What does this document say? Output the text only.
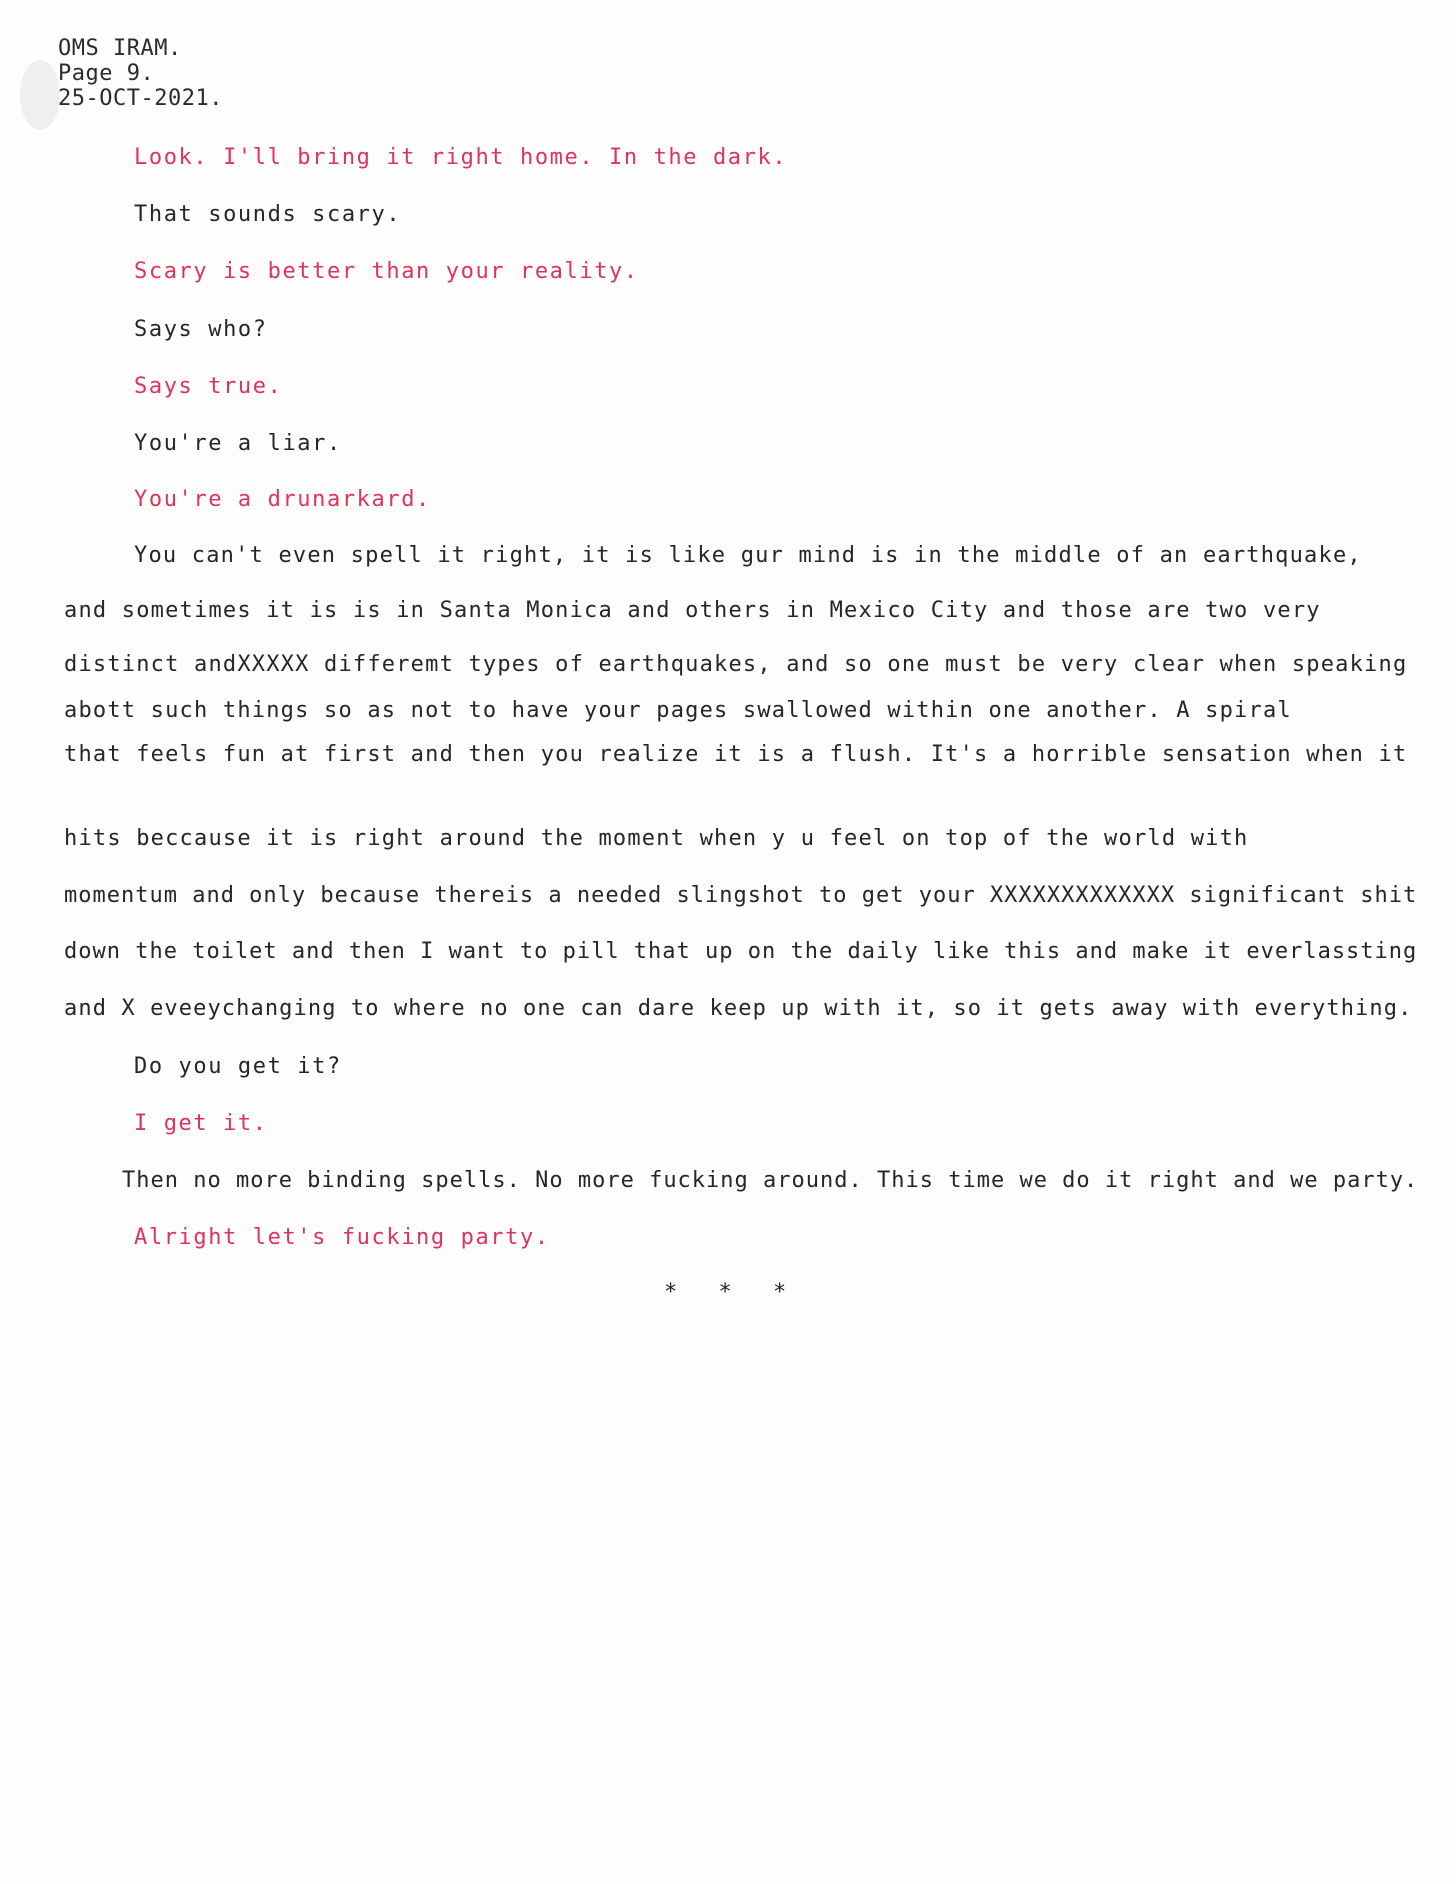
OMS IRAM.
Page 9.
25-OCT-2021.
Look. I'll bring it right home. In the dark.
That sounds scary.
Scary is better than your reality.
Says who?
Says true.
You're a liar.
You're a drunarkard.
You can't even spell it right, it is like gur mind is in the middle of an earthquake,
and sometimes it is is in Santa Monica and others in Mexico City and those are two very
distinct andXXXXX differemt types of earthquakes, and so one must be very clear when speaking
abott such things so as not to have your pages swallowed within one another. A spiral
that feels fun at first and then you realize it is a flush. It's a horrible sensation when it
hits beccause it is right around the moment when y u feel on top of the world with
momentum and only because thereis a needed slingshot to get your XXXXXXXXXXXXX significant shit
down the toilet and then I want to pill that up on the daily like this and make it everlassting
and X eveeychanging to where no one can dare keep up with it, so it gets away with everything.
Do you get it?
I get it.
Then no more binding spells. No more fucking around. This time we do it right and we party.
Alright let's fucking party.
* * *
